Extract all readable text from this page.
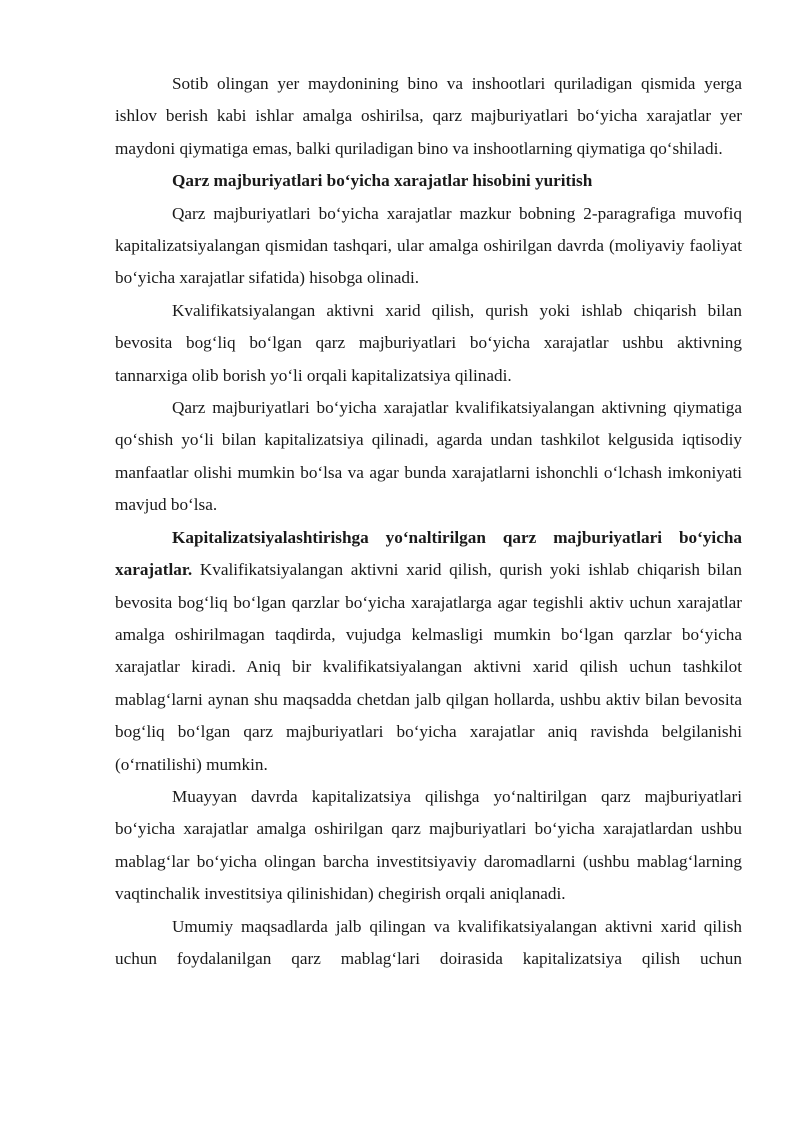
Sotib olingan yer maydonining bino va inshootlari quriladigan qismida yerga ishlov berish kabi ishlar amalga oshirilsa, qarz majburiyatlari bo‘yicha xarajatlar yer maydoni qiymatiga emas, balki quriladigan bino va inshootlarning qiymatiga qo‘shiladi.

Qarz majburiyatlari bo‘yicha xarajatlar hisobini yuritish

Qarz majburiyatlari bo‘yicha xarajatlar mazkur bobning 2-paragrafiga muvofiq kapitalizatsiyalangan qismidan tashqari, ular amalga oshirilgan davrda (moliyaviy faoliyat bo‘yicha xarajatlar sifatida) hisobga olinadi.

Kvalifikatsiyalangan aktivni xarid qilish, qurish yoki ishlab chiqarish bilan bevosita bog‘liq bo‘lgan qarz majburiyatlari bo‘yicha xarajatlar ushbu aktivning tannarxiga olib borish yo‘li orqali kapitalizatsiya qilinadi.

Qarz majburiyatlari bo‘yicha xarajatlar kvalifikatsiyalangan aktivning qiymatiga qo‘shish yo‘li bilan kapitalizatsiya qilinadi, agarda undan tashkilot kelgusida iqtisodiy manfaatlar olishi mumkin bo‘lsa va agar bunda xarajatlarni ishonchli o‘lchash imkoniyati mavjud bo‘lsa.

Kapitalizatsiyalashtirishga yo‘naltirilgan qarz majburiyatlari bo‘yicha xarajatlar. Kvalifikatsiyalangan aktivni xarid qilish, qurish yoki ishlab chiqarish bilan bevosita bog‘liq bo‘lgan qarzlar bo‘yicha xarajatlarga agar tegishli aktiv uchun xarajatlar amalga oshirilmagan taqdirda, vujudga kelmasligi mumkin bo‘lgan qarzlar bo‘yicha xarajatlar kiradi. Aniq bir kvalifikatsiyalangan aktivni xarid qilish uchun tashkilot mablag‘larni aynan shu maqsadda chetdan jalb qilgan hollarda, ushbu aktiv bilan bevosita bog‘liq bo‘lgan qarz majburiyatlari bo‘yicha xarajatlar aniq ravishda belgilanishi (o‘rnatilishi) mumkin.

Muayyan davrda kapitalizatsiya qilishga yo‘naltirilgan qarz majburiyatlari bo‘yicha xarajatlar amalga oshirilgan qarz majburiyatlari bo‘yicha xarajatlardan ushbu mablag‘lar bo‘yicha olingan barcha investitsiyaviy daromadlarni (ushbu mablag‘larning vaqtinchalik investitsiya qilinishidan) chegirish orqali aniqlanadi.

Umumiy maqsadlarda jalb qilingan va kvalifikatsiyalangan aktivni xarid qilish uchun foydalanilgan qarz mablag‘lari doirasida kapitalizatsiya qilish uchun
